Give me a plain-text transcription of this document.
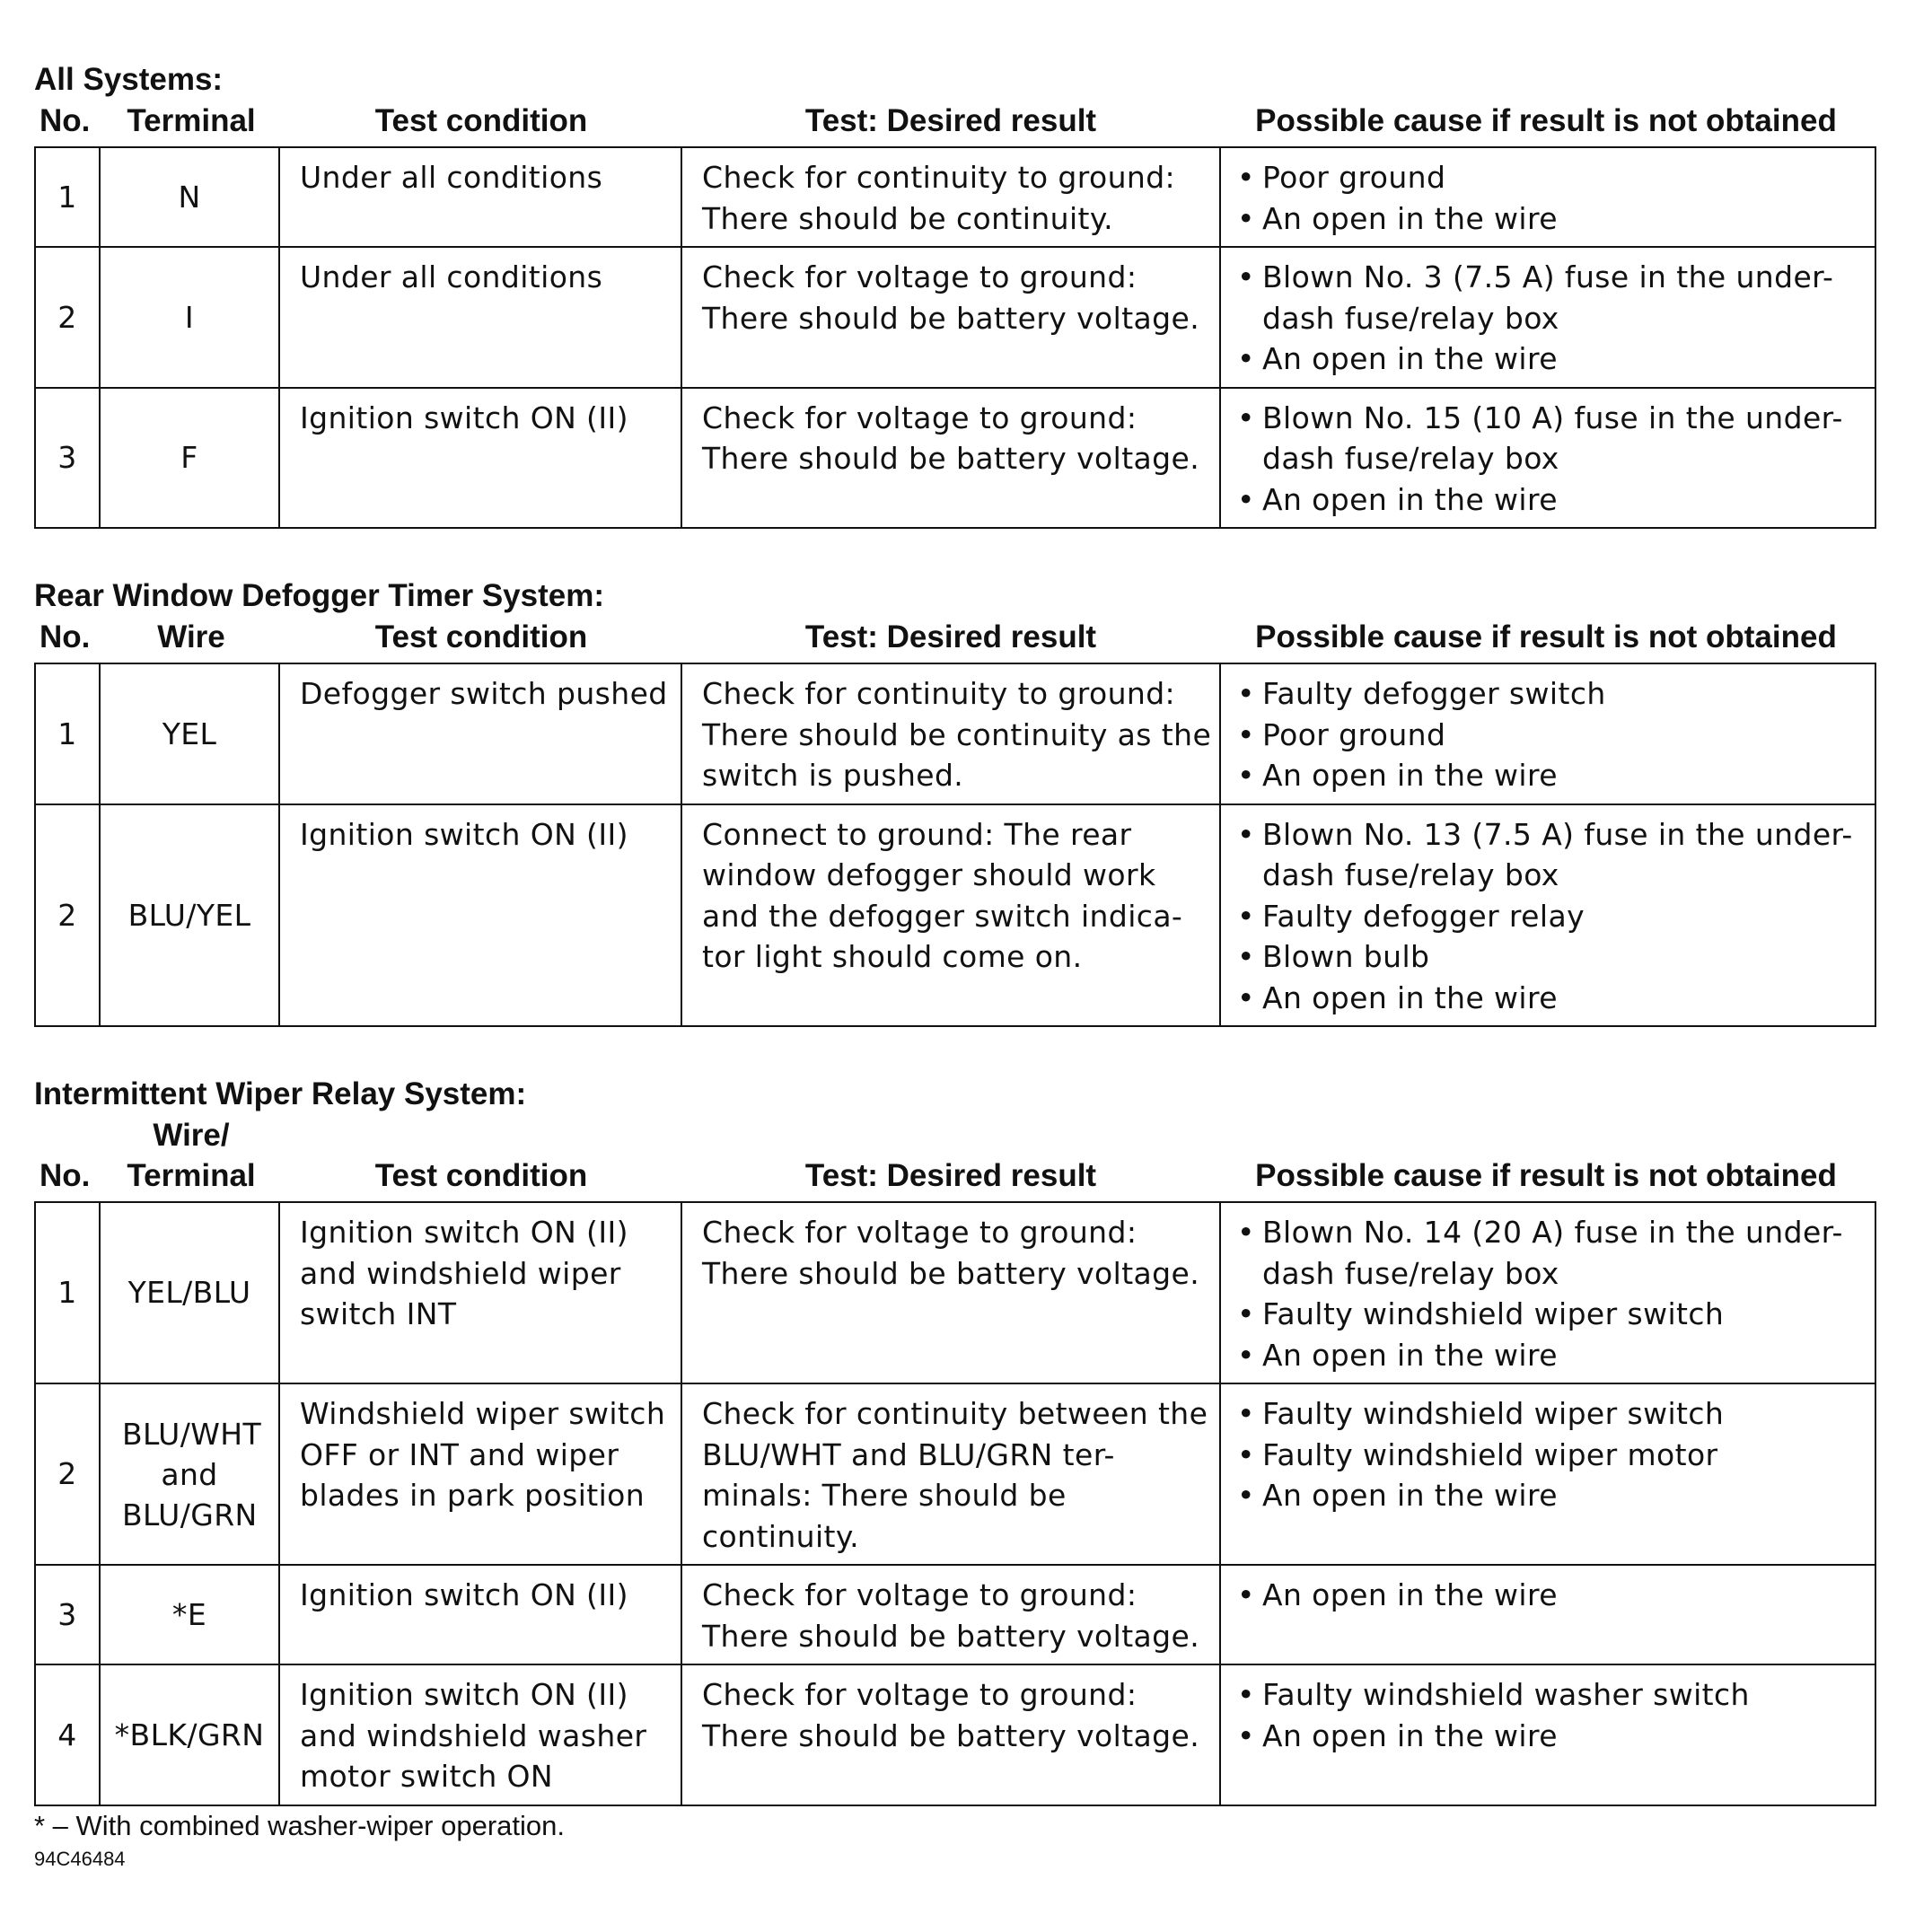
All Systems:
No.	Terminal	Test condition	Test: Desired result	Possible cause if result is not obtained
1	N	Under all conditions	Check for continuity to ground: There should be continuity.	• Poor ground
• An open in the wire

2	I	Under all conditions	Check for voltage to ground: There should be battery voltage.	• Blown No. 3 (7.5 A) fuse in the under-dash fuse/relay box
• An open in the wire

3	F	Ignition switch ON (II)	Check for voltage to ground: There should be battery voltage.	• Blown No. 15 (10 A) fuse in the under-dash fuse/relay box
• An open in the wire
Rear Window Defogger Timer System:
No.	Wire	Test condition	Test: Desired result	Possible cause if result is not obtained
1	YEL	Defogger switch pushed	Check for continuity to ground: There should be continuity as the switch is pushed.	• Faulty defogger switch
• Poor ground
• An open in the wire

2	BLU/YEL	Ignition switch ON (II)	Connect to ground: The rear window defogger should work and the defogger switch indica-tor light should come on.	• Blown No. 13 (7.5 A) fuse in the under-dash fuse/relay box
• Faulty defogger relay
• Blown bulb
• An open in the wire
Intermittent Wiper Relay System:
No.
Wire/
Terminal	Test condition	Test: Desired result	Possible cause if result is not obtained
1	YEL/BLU	Ignition switch ON (II) and windshield wiper switch INT	Check for voltage to ground: There should be battery voltage.	• Blown No. 14 (20 A) fuse in the under-dash fuse/relay box
• Faulty windshield wiper switch
• An open in the wire

2	BLU/WHT and BLU/GRN	Windshield wiper switch OFF or INT and wiper blades in park position	Check for continuity between the BLU/WHT and BLU/GRN ter-minals: There should be continuity.	• Faulty windshield wiper switch
• Faulty windshield wiper motor
• An open in the wire

3	*E	Ignition switch ON (II)	Check for voltage to ground: There should be battery voltage.	• An open in the wire

4	*BLK/GRN	Ignition switch ON (II) and windshield washer motor switch ON	Check for voltage to ground: There should be battery voltage.	• Faulty windshield washer switch
• An open in the wire
* – With combined washer-wiper operation.
94C46484
